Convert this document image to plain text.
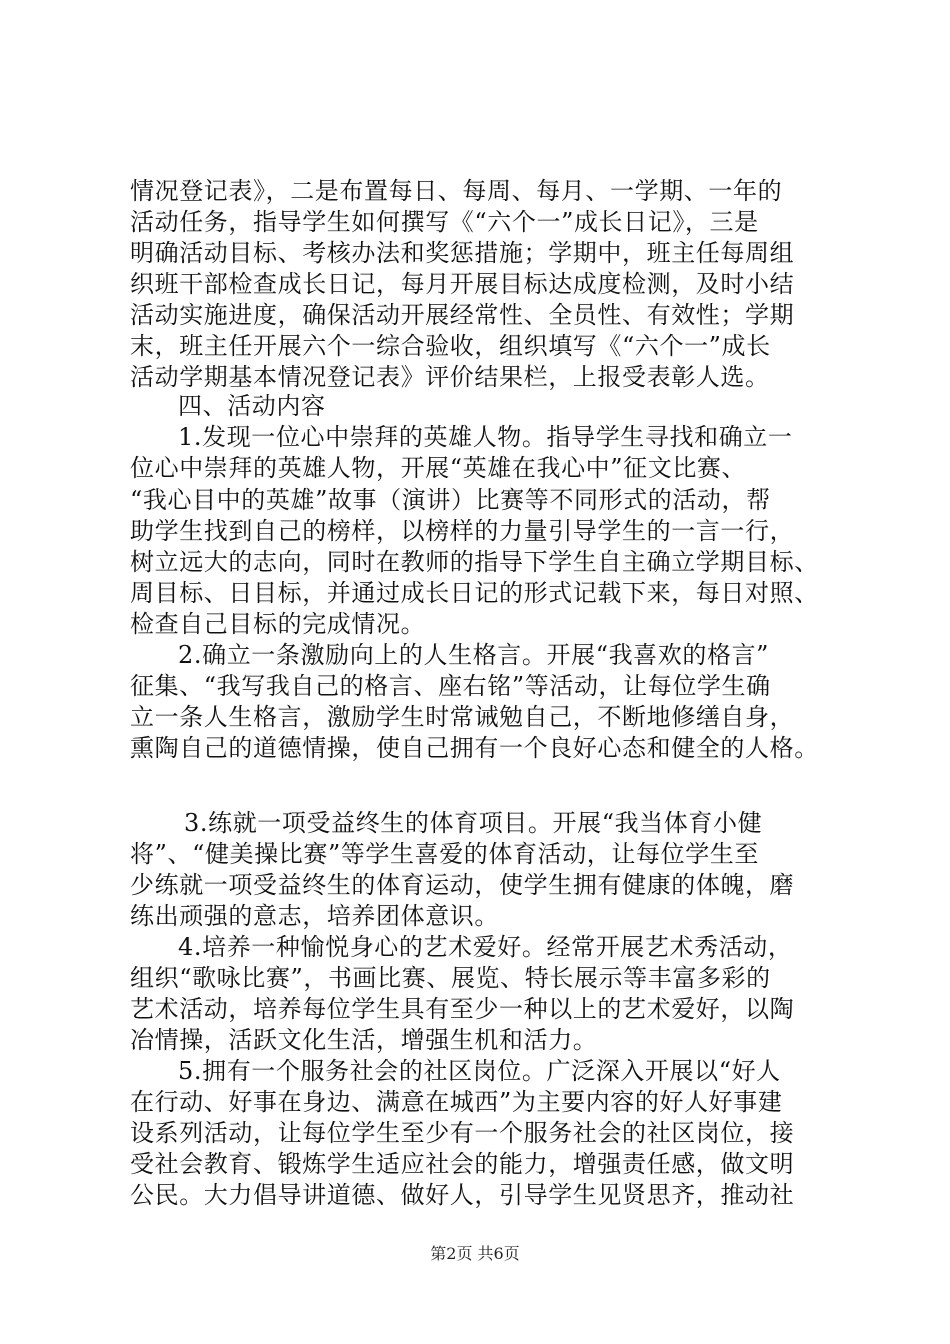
情况登记表》，二是布置每日、每周、每月、一学期、一年的
活动任务，指导学生如何撰写《“六个一”成长日记》，三是
明确活动目标、考核办法和奖惩措施；学期中，班主任每周组
织班干部检查成长日记，每月开展目标达成度检测，及时小结
活动实施进度，确保活动开展经常性、全员性、有效性；学期
末，班主任开展六个一综合验收，组织填写《“六个一”成长
活动学期基本情况登记表》评价结果栏，上报受表彰人选。
四、活动内容
1.发现一位心中崇拜的英雄人物。指导学生寻找和确立一
位心中崇拜的英雄人物，开展“英雄在我心中”征文比赛、
“我心目中的英雄”故事（演讲）比赛等不同形式的活动，帮
助学生找到自己的榜样，以榜样的力量引导学生的一言一行，
树立远大的志向，同时在教师的指导下学生自主确立学期目标、
周目标、日目标，并通过成长日记的形式记载下来，每日对照、
检查自己目标的完成情况。
2.确立一条激励向上的人生格言。开展“我喜欢的格言”
征集、“我写我自己的格言、座右铭”等活动，让每位学生确
立一条人生格言，激励学生时常诫勉自己，不断地修缮自身，
熏陶自己的道德情操，使自己拥有一个良好心态和健全的人格。
3.练就一项受益终生的体育项目。开展“我当体育小健
将”、“健美操比赛”等学生喜爱的体育活动，让每位学生至
少练就一项受益终生的体育运动，使学生拥有健康的体魄，磨
练出顽强的意志，培养团体意识。
4.培养一种愉悦身心的艺术爱好。经常开展艺术秀活动，
组织“歌咏比赛”，书画比赛、展览、特长展示等丰富多彩的
艺术活动，培养每位学生具有至少一种以上的艺术爱好，以陶
冶情操，活跃文化生活，增强生机和活力。
5.拥有一个服务社会的社区岗位。广泛深入开展以“好人
在行动、好事在身边、满意在城西”为主要内容的好人好事建
设系列活动，让每位学生至少有一个服务社会的社区岗位，接
受社会教育、锻炼学生适应社会的能力，增强责任感，做文明
公民。大力倡导讲道德、做好人，引导学生见贤思齐，推动社
第2页 共6页
